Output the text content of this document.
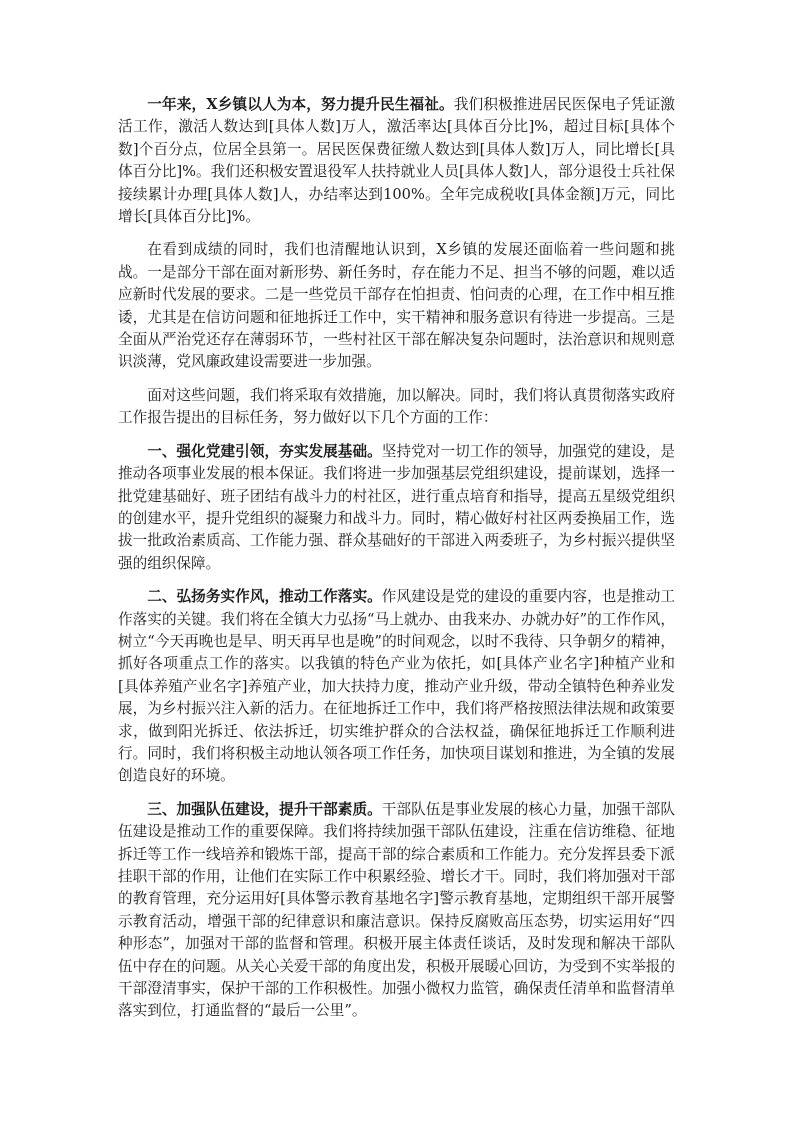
一年来，X乡镇以人为本，努力提升民生福祉。我们积极推进居民医保电子凭证激活工作，激活人数达到[具体人数]万人，激活率达[具体百分比]%，超过目标[具体个数]个百分点，位居全县第一。居民医保费征缴人数达到[具体人数]万人，同比增长[具体百分比]%。我们还积极安置退役军人扶持就业人员[具体人数]人，部分退役士兵社保接续累计办理[具体人数]人，办结率达到100%。全年完成税收[具体金额]万元，同比增长[具体百分比]%。

在看到成绩的同时，我们也清醒地认识到，X乡镇的发展还面临着一些问题和挑战。一是部分干部在面对新形势、新任务时，存在能力不足、担当不够的问题，难以适应新时代发展的要求。二是一些党员干部存在怕担责、怕问责的心理，在工作中相互推诿，尤其是在信访问题和征地拆迁工作中，实干精神和服务意识有待进一步提高。三是全面从严治党还存在薄弱环节，一些村社区干部在解决复杂问题时，法治意识和规则意识淡薄，党风廉政建设需要进一步加强。

面对这些问题，我们将采取有效措施，加以解决。同时，我们将认真贯彻落实政府工作报告提出的目标任务，努力做好以下几个方面的工作：

一、强化党建引领，夯实发展基础。坚持党对一切工作的领导，加强党的建设，是推动各项事业发展的根本保证。我们将进一步加强基层党组织建设，提前谋划，选择一批党建基础好、班子团结有战斗力的村社区，进行重点培育和指导，提高五星级党组织的创建水平，提升党组织的凝聚力和战斗力。同时，精心做好村社区两委换届工作，选拔一批政治素质高、工作能力强、群众基础好的干部进入两委班子，为乡村振兴提供坚强的组织保障。

二、弘扬务实作风，推动工作落实。作风建设是党的建设的重要内容，也是推动工作落实的关键。我们将在全镇大力弘扬“马上就办、由我来办、办就办好”的工作作风，树立“今天再晚也是早、明天再早也是晚”的时间观念，以时不我待、只争朝夕的精神，抓好各项重点工作的落实。以我镇的特色产业为依托，如[具体产业名字]种植产业和[具体养殖产业名字]养殖产业，加大扶持力度，推动产业升级，带动全镇特色种养业发展，为乡村振兴注入新的活力。在征地拆迁工作中，我们将严格按照法律法规和政策要求，做到阳光拆迁、依法拆迁，切实维护群众的合法权益，确保征地拆迁工作顺利进行。同时，我们将积极主动地认领各项工作任务，加快项目谋划和推进，为全镇的发展创造良好的环境。

三、加强队伍建设，提升干部素质。干部队伍是事业发展的核心力量，加强干部队伍建设是推动工作的重要保障。我们将持续加强干部队伍建设，注重在信访维稳、征地拆迁等工作一线培养和锻炼干部，提高干部的综合素质和工作能力。充分发挥县委下派挂职干部的作用，让他们在实际工作中积累经验、增长才干。同时，我们将加强对干部的教育管理，充分运用好[具体警示教育基地名字]警示教育基地，定期组织干部开展警示教育活动，增强干部的纪律意识和廉洁意识。保持反腐败高压态势，切实运用好“四种形态”，加强对干部的监督和管理。积极开展主体责任谈话，及时发现和解决干部队伍中存在的问题。从关心关爱干部的角度出发，积极开展暖心回访，为受到不实举报的干部澄清事实，保护干部的工作积极性。加强小微权力监管，确保责任清单和监督清单落实到位，打通监督的“最后一公里”。
